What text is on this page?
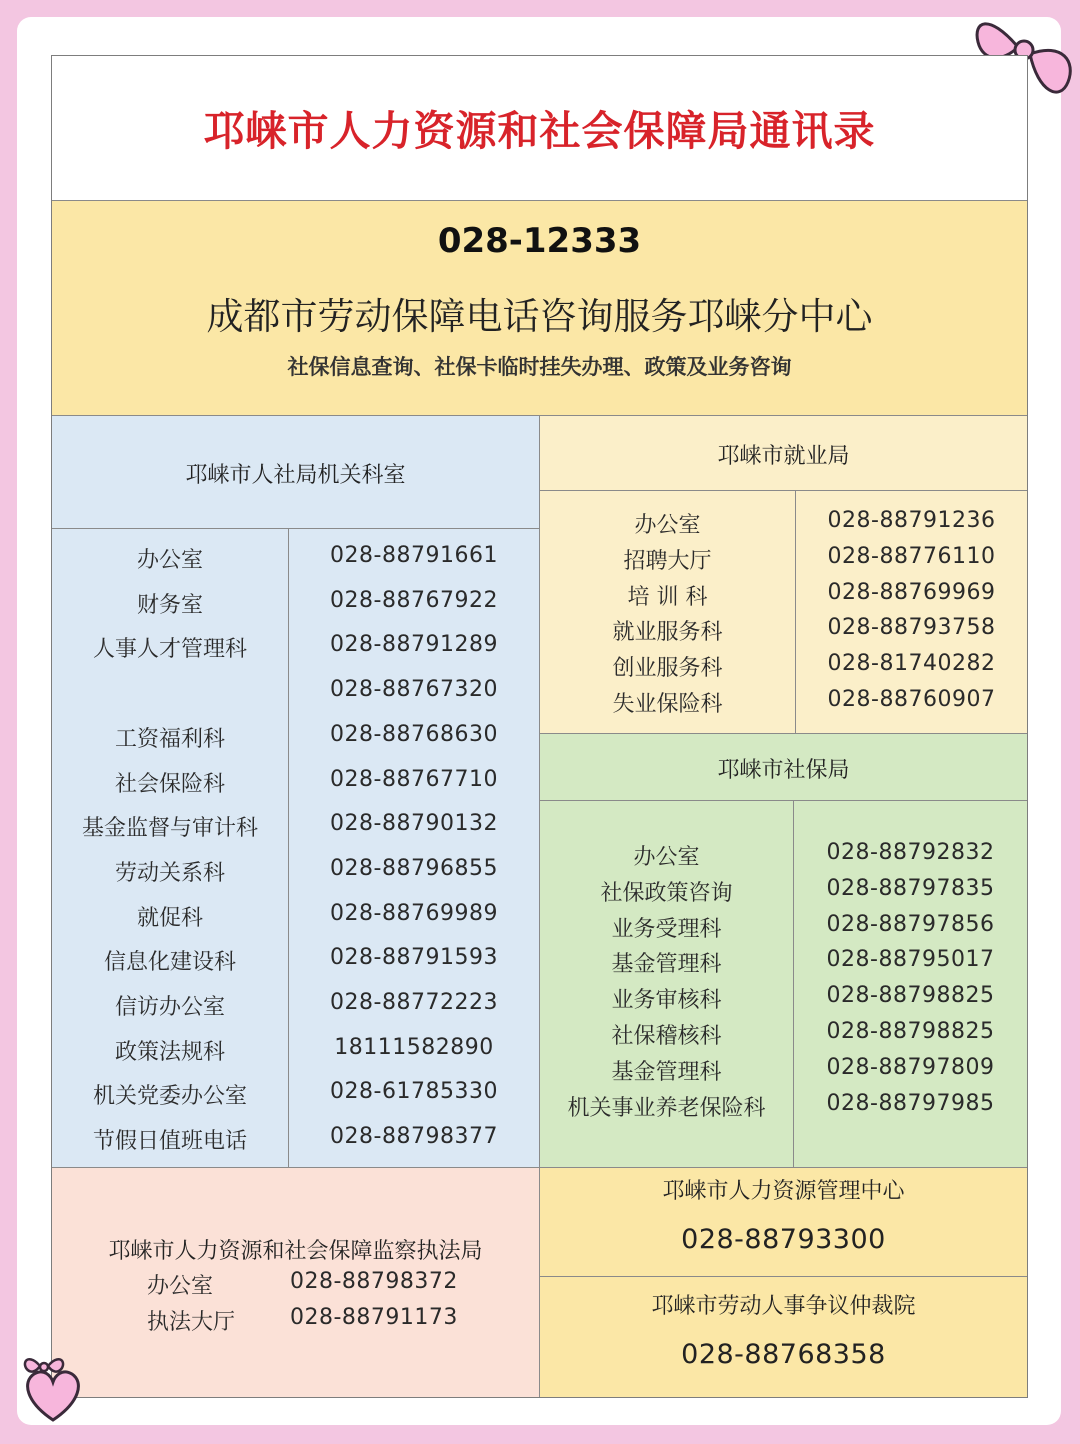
邛崃市人力资源和社会保障局通讯录
028-12333
成都市劳动保障电话咨询服务邛崃分中心
社保信息查询、社保卡临时挂失办理、政策及业务咨询
邛崃市人社局机关科室
办公室	028-88791661
财务室	028-88767922
人事人才管理科	028-88791289
028-88767320
工资福利科	028-88768630
社会保险科	028-88767710
基金监督与审计科	028-88790132
劳动关系科	028-88796855
就促科	028-88769989
信息化建设科	028-88791593
信访办公室	028-88772223
政策法规科	18111582890
机关党委办公室	028-61785330
节假日值班电话	028-88798377
邛崃市就业局
办公室	028-88791236
招聘大厅	028-88776110
培 训 科	028-88769969
就业服务科	028-88793758
创业服务科	028-81740282
失业保险科	028-88760907
邛崃市社保局
办公室	028-88792832
社保政策咨询	028-88797835
业务受理科	028-88797856
基金管理科	028-88795017
业务审核科	028-88798825
社保稽核科	028-88798825
基金管理科	028-88797809
机关事业养老保险科	028-88797985
邛崃市人力资源和社会保障监察执法局
办公室	028-88798372
执法大厅	028-88791173
邛崃市人力资源管理中心
028-88793300
邛崃市劳动人事争议仲裁院
028-88768358
